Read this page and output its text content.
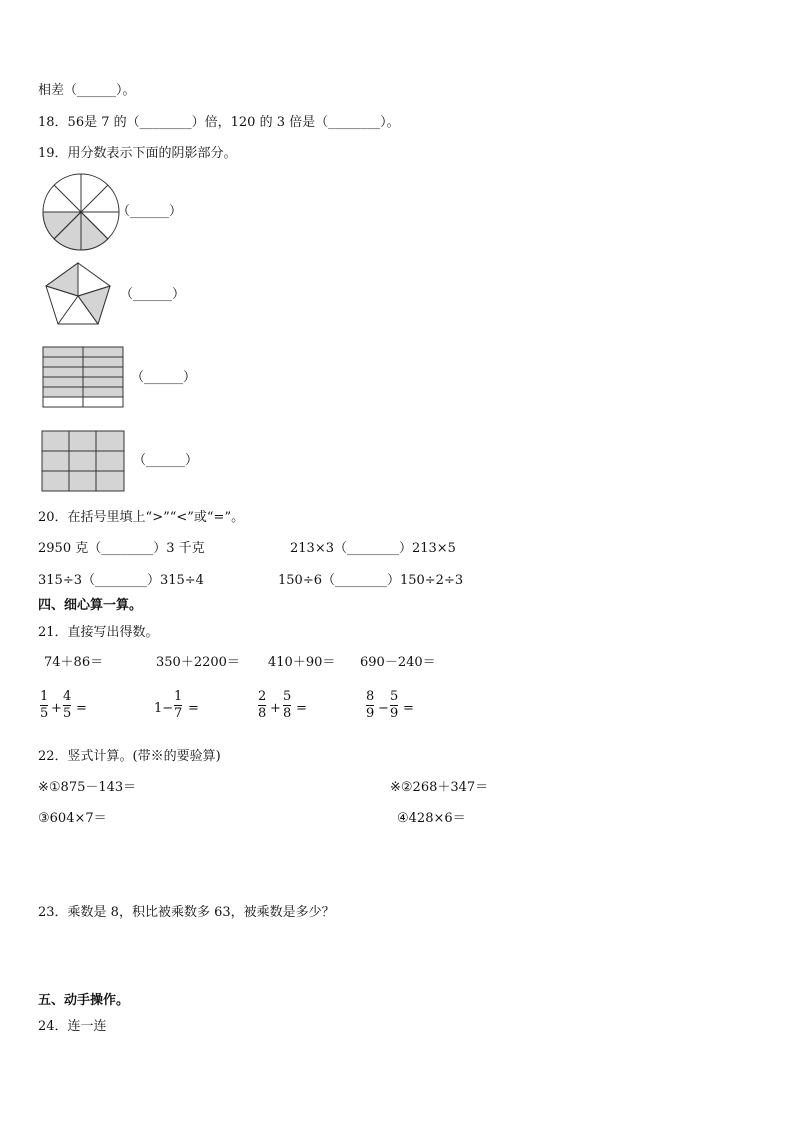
相差（______）。
18．56是 7 的（________）倍，120 的 3 倍是（________）。
19．用分数表示下面的阴影部分。
（______）
（______）
（______）
（______）
20．在括号里填上“>”“<”或“=”。
2950 克（________）3 千克	213×3（________）213×5
315÷3（________）315÷4	150÷6（________）150÷2÷3
四、细心算一算。
21．直接写出得数。
74＋86＝	350＋2200＝ 410＋90＝ 690－240＝
1
5 +
4
5 =	1−
1
7 =
2
8 +
5
8 =
8
9 −
5
9 =
22．竖式计算。(带※的要验算)
※①875－143＝	※②268＋347＝
③604×7＝	④428×6＝
23．乘数是 8，积比被乘数多 63，被乘数是多少？
五、动手操作。
24．连一连
